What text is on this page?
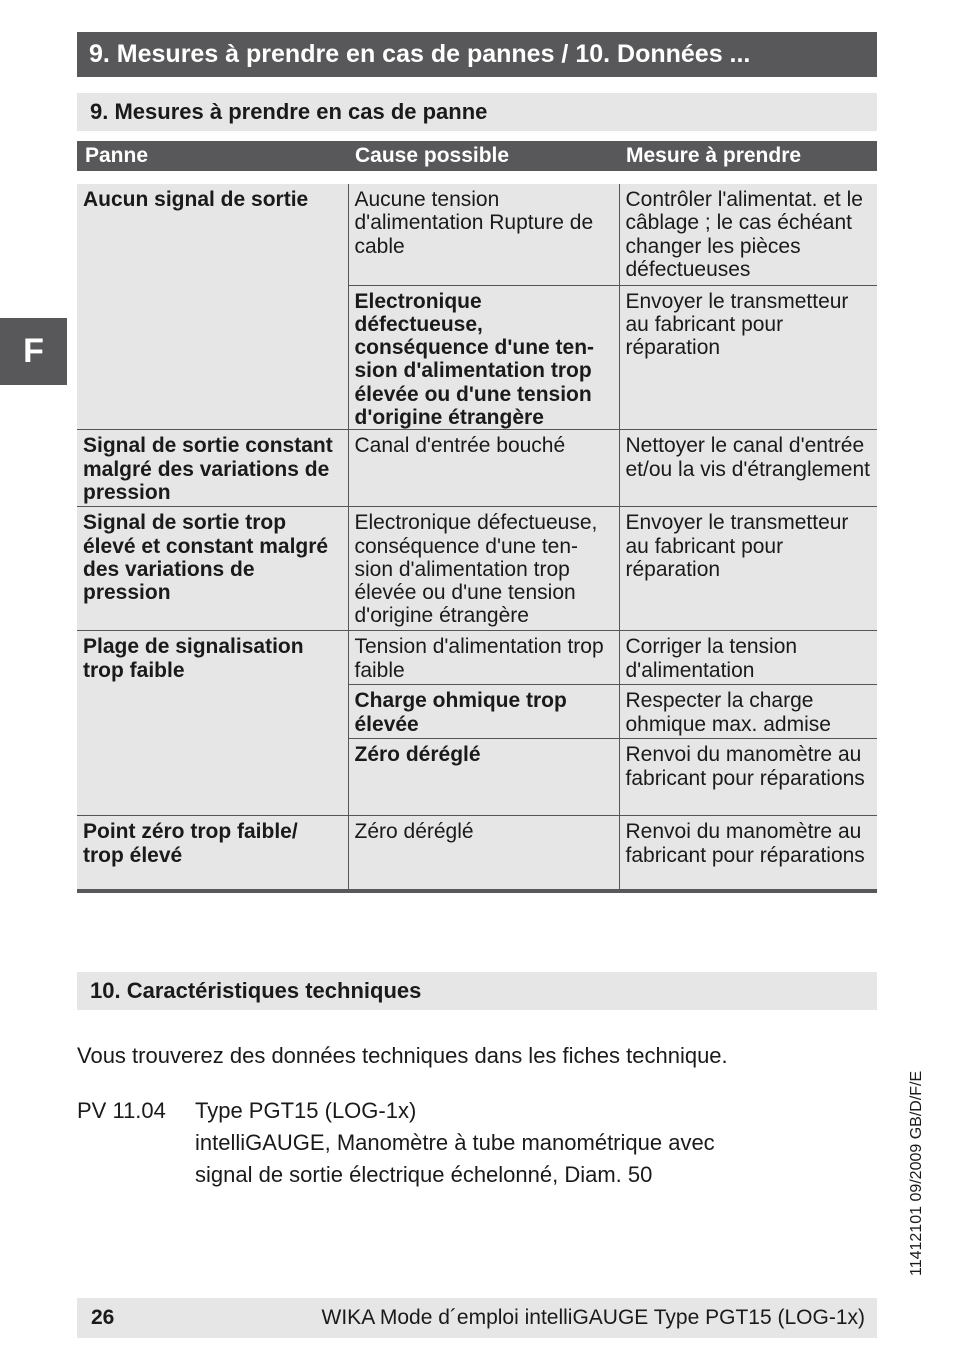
9. Mesures à prendre en cas de pannes / 10. Données ...
9. Mesures à prendre en cas de panne
F
Panne	Cause possible	Mesure à prendre
Aucun signal de sortie	Aucune tension d'alimentation Rupture de cable	Contrôler l'alimentat. et le câblage ; le cas échéant changer les pièces défectueuses
	Electronique défectueuse, conséquence d'une ten- sion d'alimentation trop élevée ou d'une tension d'origine étrangère	Envoyer le transmetteur au fabricant pour réparation
Signal de sortie constant malgré des variations de pression	Canal d'entrée bouché	Nettoyer le canal d'entrée et/ou la vis d'étranglement
Signal de sortie trop élevé et constant malgré des variations de pression	Electronique défectueuse, conséquence d'une ten- sion d'alimentation trop élevée ou d'une tension d'origine étrangère	Envoyer le transmetteur au fabricant pour réparation
Plage de signalisation trop faible	Tension d'alimentation trop faible	Corriger la tension d'alimentation
	Charge ohmique trop élevée	Respecter la charge ohmique max. admise
	Zéro déréglé	Renvoi du manomètre au fabricant pour réparations
Point zéro trop faible/ trop élevé	Zéro déréglé	Renvoi du manomètre au fabricant pour réparations
10. Caractéristiques techniques
Vous trouverez des données techniques dans les fiches technique.
PV 11.04 Type PGT15 (LOG-1x)
intelliGAUGE, Manomètre à tube manométrique avec
signal de sortie électrique échelonné, Diam. 50	11412101 09/2009 GB/D/F/E
26	WIKA Mode d´emploi intelliGAUGE Type PGT15 (LOG-1x)
